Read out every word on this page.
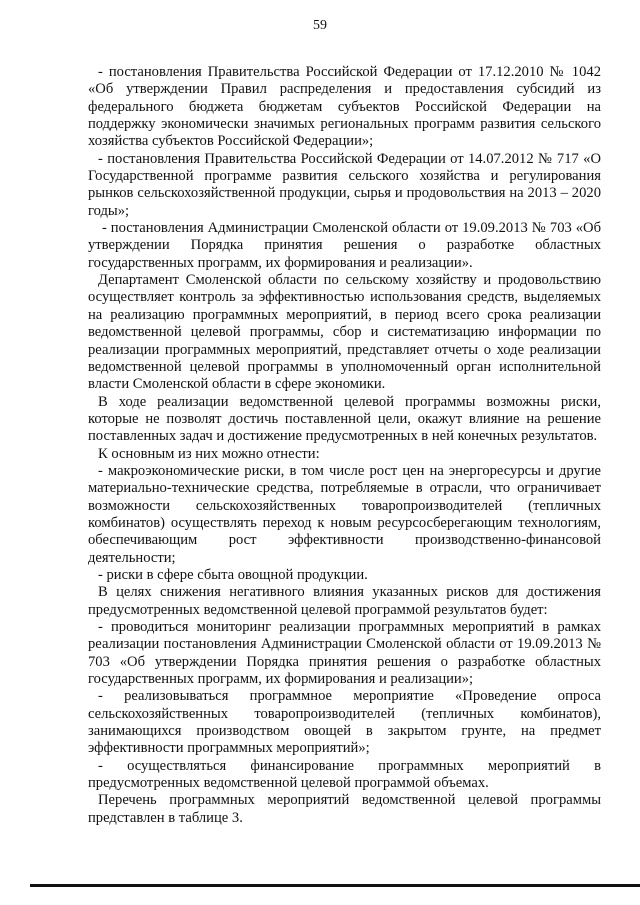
59

- постановления Правительства Российской Федерации от 17.12.2010 № 1042 «Об утверждении Правил распределения и предоставления субсидий из федерального бюджета бюджетам субъектов Российской Федерации на поддержку экономически значимых региональных программ развития сельского хозяйства субъектов Российской Федерации»;

- постановления Правительства Российской Федерации от 14.07.2012 № 717 «О Государственной программе развития сельского хозяйства и регулирования рынков сельскохозяйственной продукции, сырья и продовольствия на 2013 – 2020 годы»;

- постановления Администрации Смоленской области от 19.09.2013 № 703 «Об утверждении Порядка принятия решения о разработке областных государственных программ, их формирования и реализации».

Департамент Смоленской области по сельскому хозяйству и продовольствию осуществляет контроль за эффективностью использования средств, выделяемых на реализацию программных мероприятий, в период всего срока реализации ведомственной целевой программы, сбор и систематизацию информации по реализации программных мероприятий, представляет отчеты о ходе реализации ведомственной целевой программы в уполномоченный орган исполнительной власти Смоленской области в сфере экономики.

В ходе реализации ведомственной целевой программы возможны риски, которые не позволят достичь поставленной цели, окажут влияние на решение поставленных задач и достижение предусмотренных в ней конечных результатов.

К основным из них можно отнести:

- макроэкономические риски, в том числе рост цен на энергоресурсы и другие материально-технические средства, потребляемые в отрасли, что ограничивает возможности сельскохозяйственных товаропроизводителей (тепличных комбинатов) осуществлять переход к новым ресурсосберегающим технологиям, обеспечивающим рост эффективности производственно-финансовой деятельности;

- риски в сфере сбыта овощной продукции.

В целях снижения негативного влияния указанных рисков для достижения предусмотренных ведомственной целевой программой результатов будет:

- проводиться мониторинг реализации программных мероприятий в рамках реализации постановления Администрации Смоленской области от 19.09.2013 № 703 «Об утверждении Порядка принятия решения о разработке областных государственных программ, их формирования и реализации»;

- реализовываться программное мероприятие «Проведение опроса сельскохозяйственных товаропроизводителей (тепличных комбинатов), занимающихся производством овощей в закрытом грунте, на предмет эффективности программных мероприятий»;

- осуществляться финансирование программных мероприятий в предусмотренных ведомственной целевой программой объемах.

Перечень программных мероприятий ведомственной целевой программы представлен в таблице 3.
